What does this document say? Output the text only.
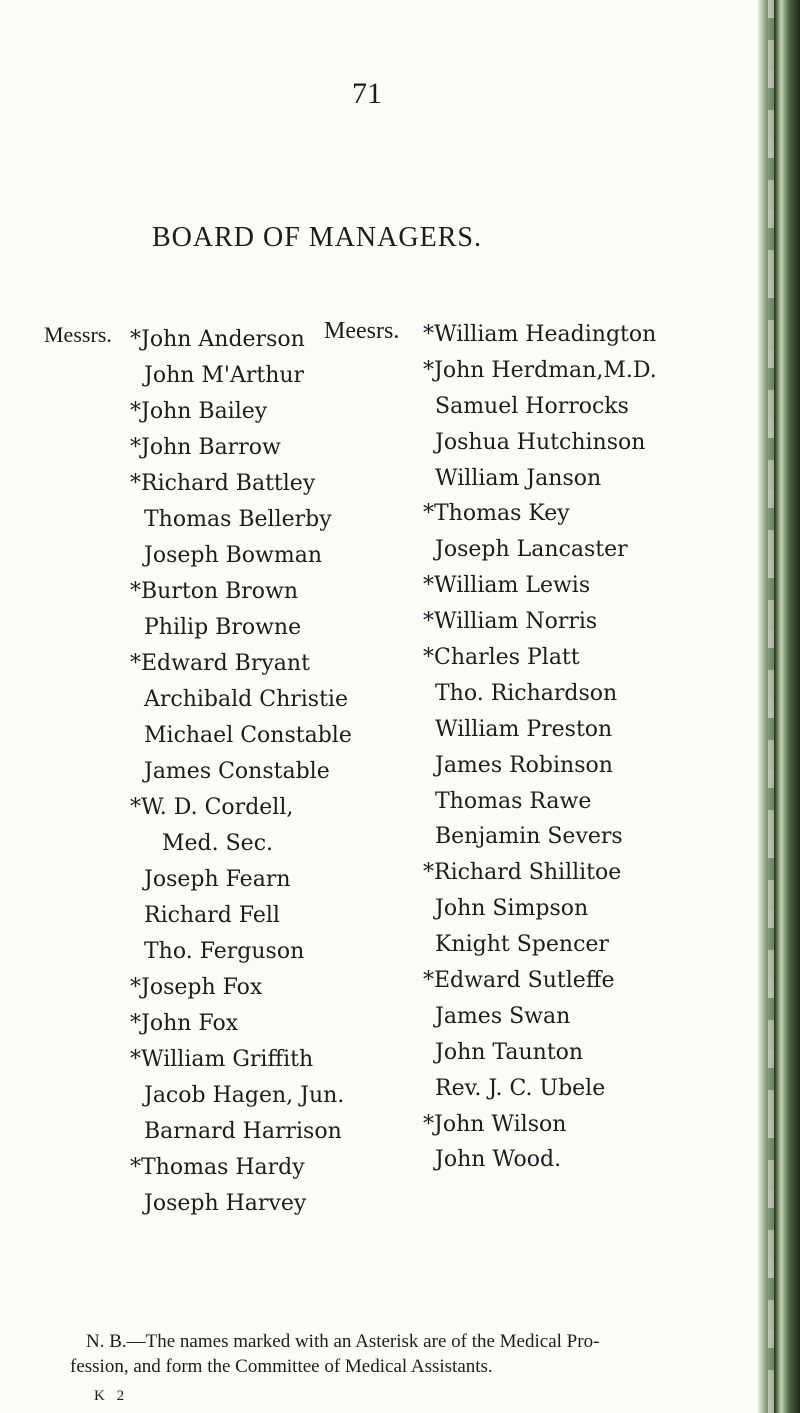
71
BOARD OF MANAGERS.
Messrs.	Meesrs.
*John Anderson
John M'Arthur
*John Bailey
*John Barrow
*Richard Battley
Thomas Bellerby
Joseph Bowman
*Burton Brown
Philip Browne
*Edward Bryant
Archibald Christie
Michael Constable
James Constable
*W. D. Cordell,
Med. Sec.
Joseph Fearn
Richard Fell
Tho. Ferguson
*Joseph Fox
*John Fox
*William Griffith
Jacob Hagen, Jun.
Barnard Harrison
*Thomas Hardy
Joseph Harvey
*William Headington
*John Herdman,M.D.
Samuel Horrocks
Joshua Hutchinson
William Janson
*Thomas Key
Joseph Lancaster
*William Lewis
*William Norris
*Charles Platt
Tho. Richardson
William Preston
James Robinson
Thomas Rawe
Benjamin Severs
*Richard Shillitoe
John Simpson
Knight Spencer
*Edward Sutleffe
James Swan
John Taunton
Rev. J. C. Ubele
*John Wilson
John Wood.
N. B.—The names marked with an Asterisk are of the Medical Pro-
fession, and form the Committee of Medical Assistants.
K 2
